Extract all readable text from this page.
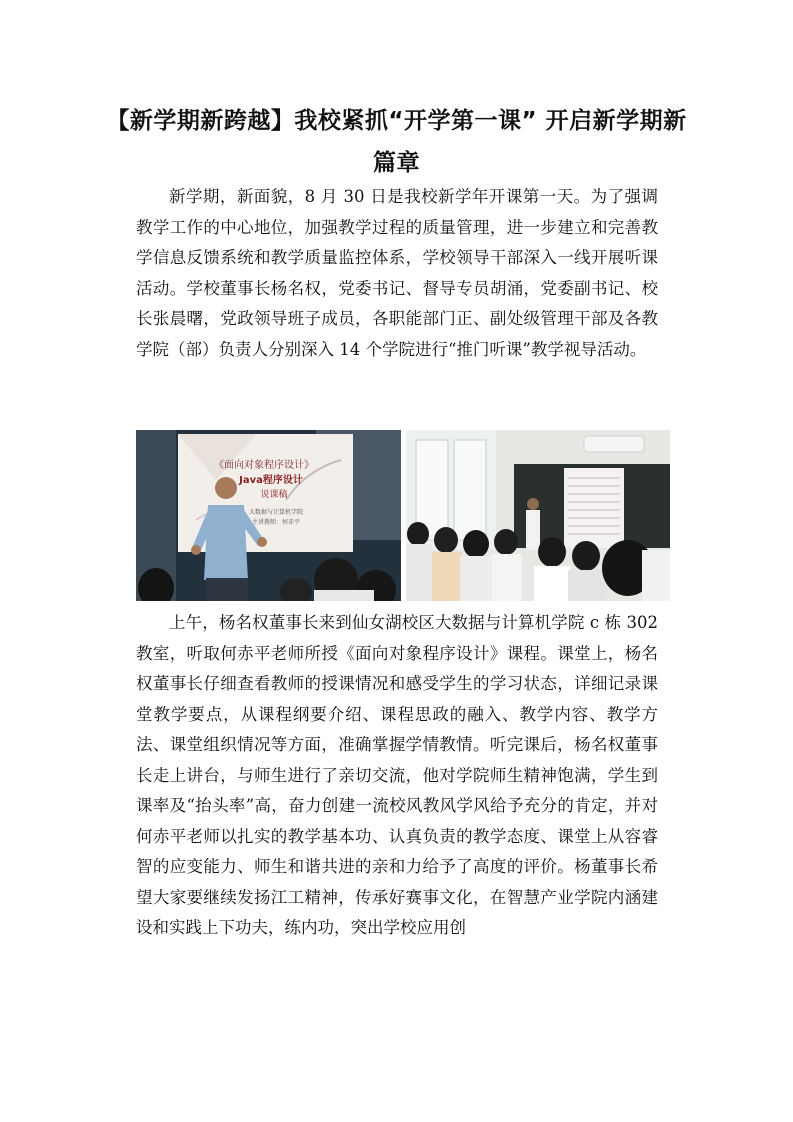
【新学期新跨越】我校紧抓“开学第一课” 开启新学期新篇章

新学期，新面貌，8 月 30 日是我校新学年开课第一天。为了强调教学工作的中心地位，加强教学过程的质量管理，进一步建立和完善教学信息反馈系统和教学质量监控体系，学校领导干部深入一线开展听课活动。学校董事长杨名权，党委书记、督导专员胡涌，党委副书记、校长张晨曙，党政领导班子成员，各职能部门正、副处级管理干部及各教学院（部）负责人分别深入 14 个学院进行“推门听课”教学视导活动。

《面向对象程序设计》
Java程序设计
说课稿
大数据与计算机学院
主讲教师：何赤平

上午，杨名权董事长来到仙女湖校区大数据与计算机学院 c 栋 302 教室，听取何赤平老师所授《面向对象程序设计》课程。课堂上，杨名权董事长仔细查看教师的授课情况和感受学生的学习状态，详细记录课堂教学要点，从课程纲要介绍、课程思政的融入、教学内容、教学方法、课堂组织情况等方面，准确掌握学情教情。听完课后，杨名权董事长走上讲台，与师生进行了亲切交流，他对学院师生精神饱满，学生到课率及“抬头率”高，奋力创建一流校风教风学风给予充分的肯定，并对何赤平老师以扎实的教学基本功、认真负责的教学态度、课堂上从容睿智的应变能力、师生和谐共进的亲和力给予了高度的评价。杨董事长希望大家要继续发扬江工精神，传承好赛事文化，在智慧产业学院内涵建设和实践上下功夫，练内功，突出学校应用创
